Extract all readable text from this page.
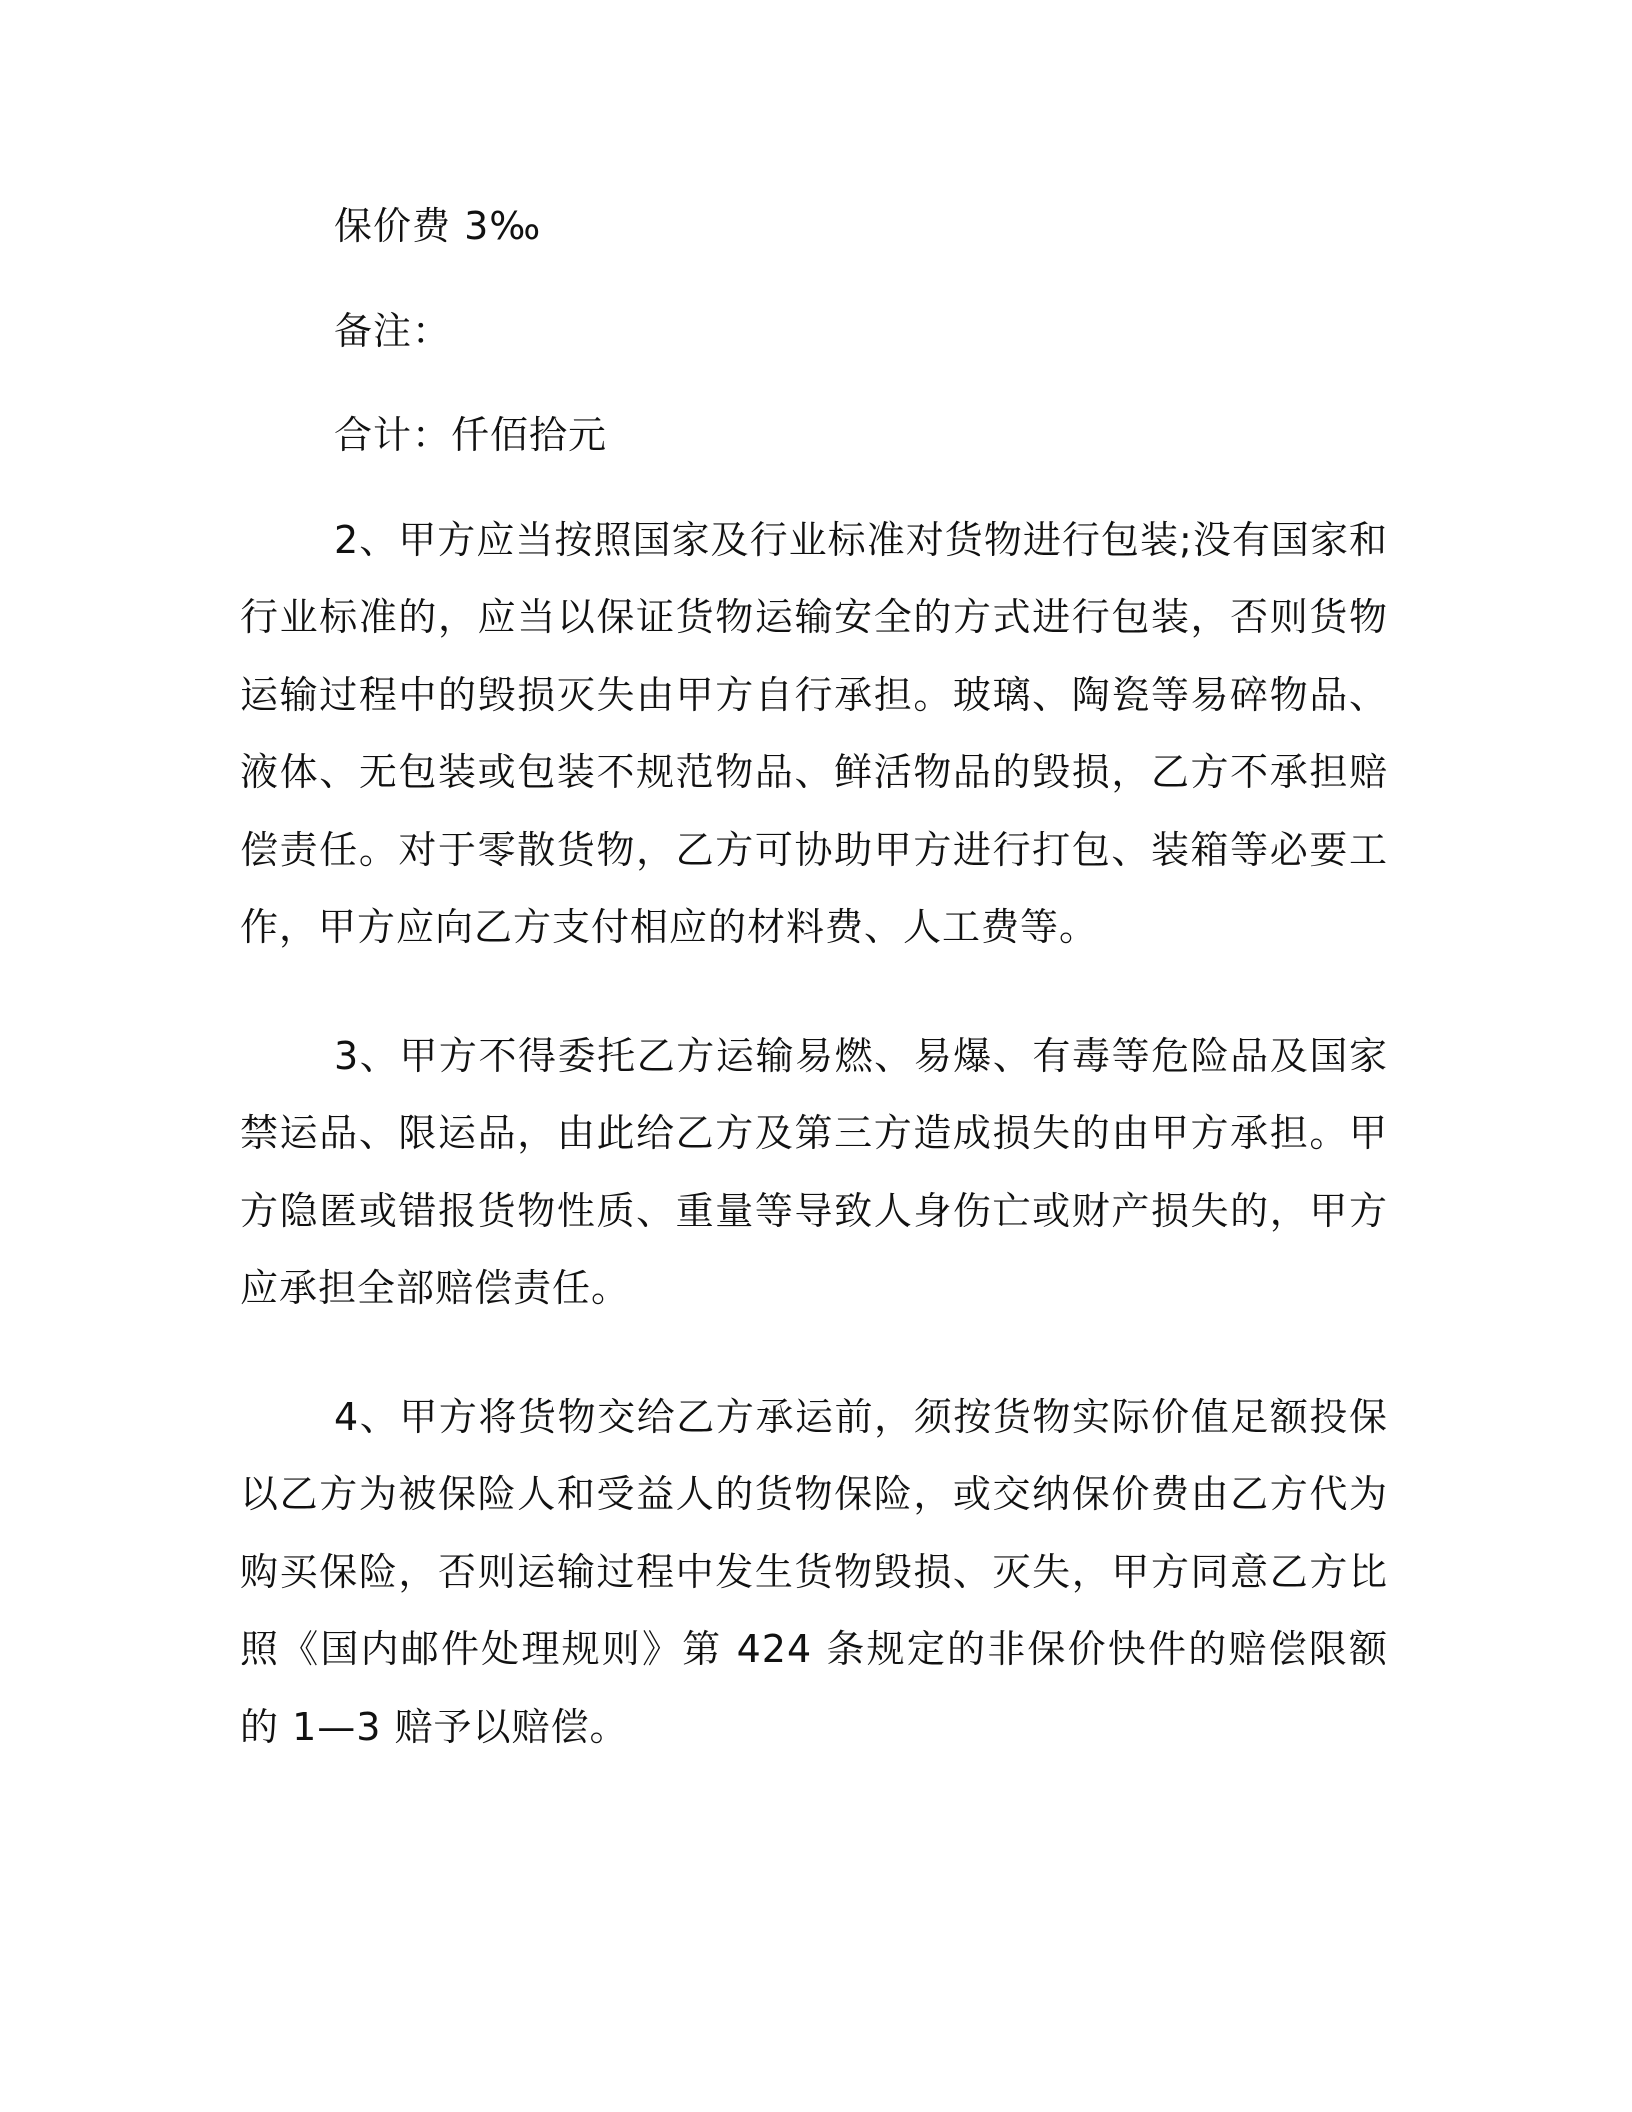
保价费 3‰

备注：

合计：仟佰拾元

2、甲方应当按照国家及行业标准对货物进行包装;没有国家和行业标准的，应当以保证货物运输安全的方式进行包装，否则货物运输过程中的毁损灭失由甲方自行承担。玻璃、陶瓷等易碎物品、液体、无包装或包装不规范物品、鲜活物品的毁损，乙方不承担赔偿责任。对于零散货物，乙方可协助甲方进行打包、装箱等必要工作，甲方应向乙方支付相应的材料费、人工费等。

3、甲方不得委托乙方运输易燃、易爆、有毒等危险品及国家禁运品、限运品，由此给乙方及第三方造成损失的由甲方承担。甲方隐匿或错报货物性质、重量等导致人身伤亡或财产损失的，甲方应承担全部赔偿责任。

4、甲方将货物交给乙方承运前，须按货物实际价值足额投保以乙方为被保险人和受益人的货物保险，或交纳保价费由乙方代为购买保险，否则运输过程中发生货物毁损、灭失，甲方同意乙方比照《国内邮件处理规则》第 424 条规定的非保价快件的赔偿限额的 1—3 赔予以赔偿。
